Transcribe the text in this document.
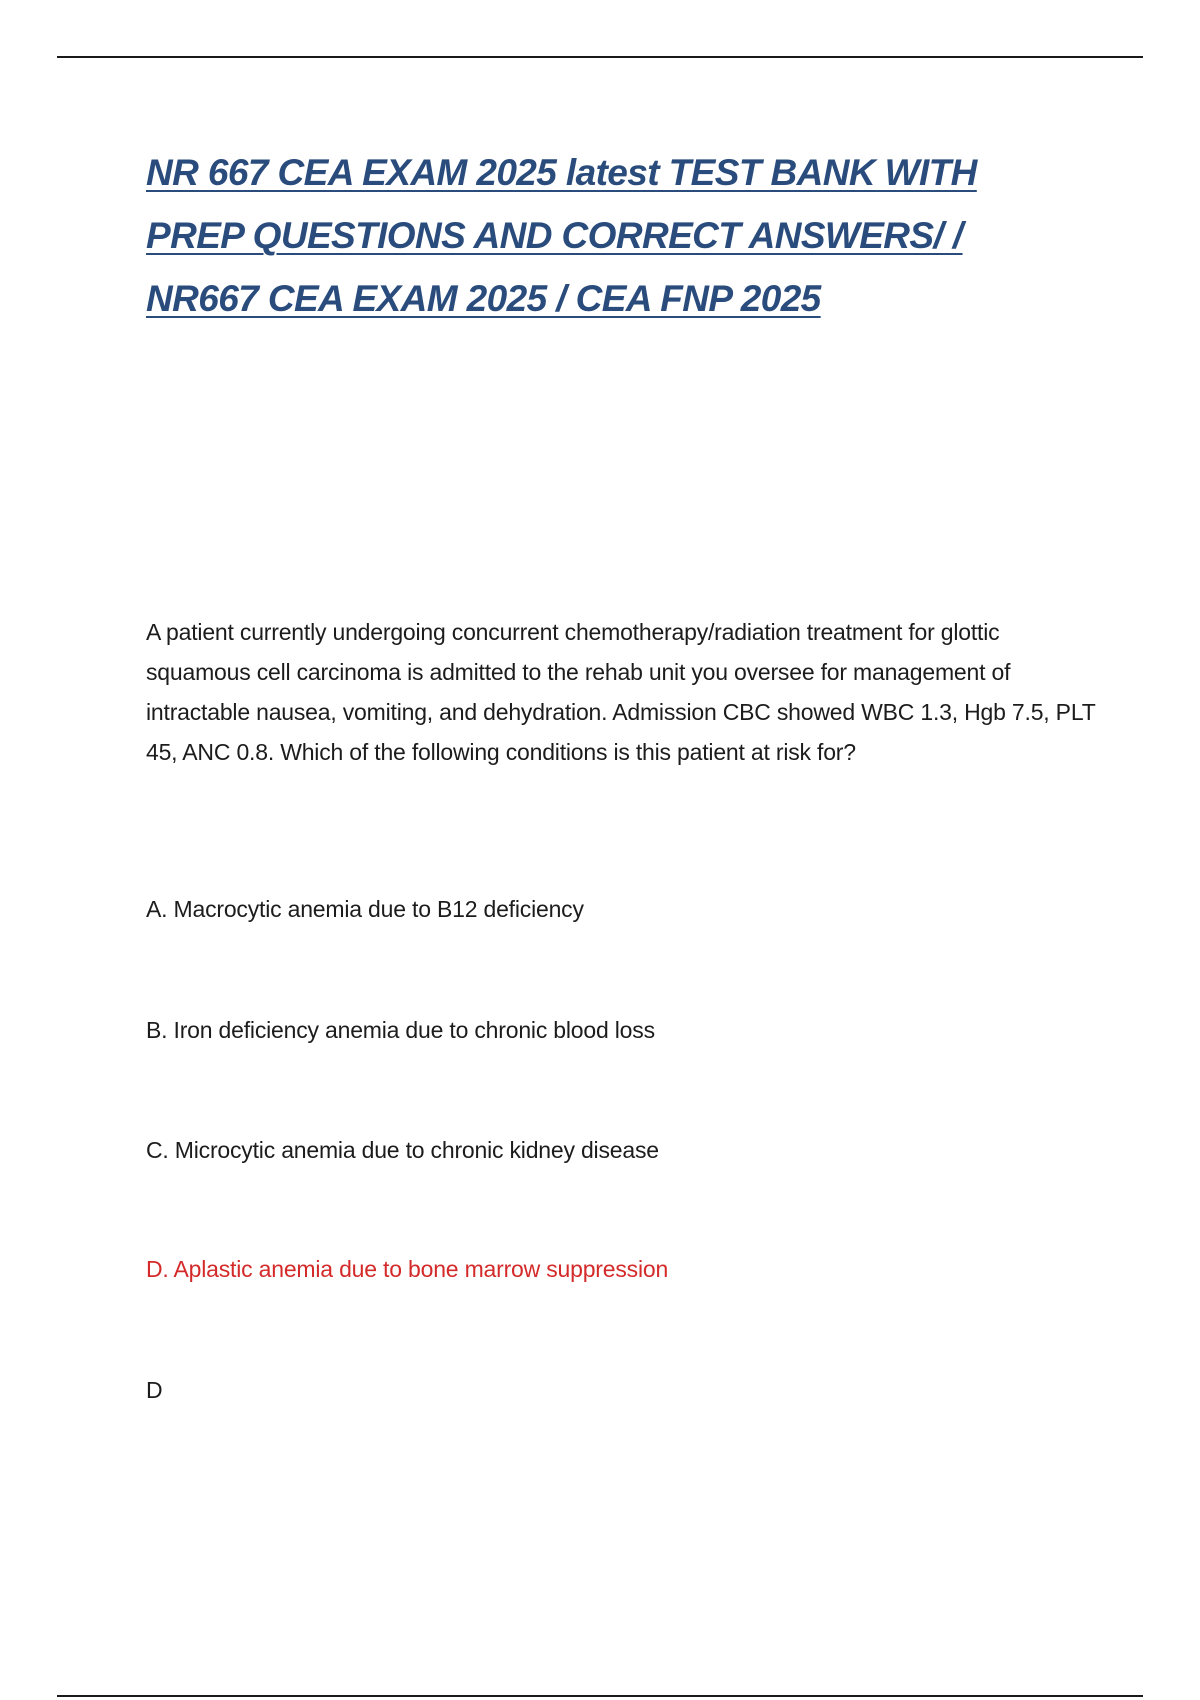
NR 667 CEA EXAM 2025 latest TEST BANK WITH
PREP QUESTIONS AND CORRECT ANSWERS/ /
NR667 CEA EXAM 2025 / CEA FNP 2025

A patient currently undergoing concurrent chemotherapy/radiation treatment for glottic squamous cell carcinoma is admitted to the rehab unit you oversee for management of intractable nausea, vomiting, and dehydration. Admission CBC showed WBC 1.3, Hgb 7.5, PLT 45, ANC 0.8. Which of the following conditions is this patient at risk for?

A. Macrocytic anemia due to B12 deficiency

B. Iron deficiency anemia due to chronic blood loss

C. Microcytic anemia due to chronic kidney disease

D. Aplastic anemia due to bone marrow suppression

D
